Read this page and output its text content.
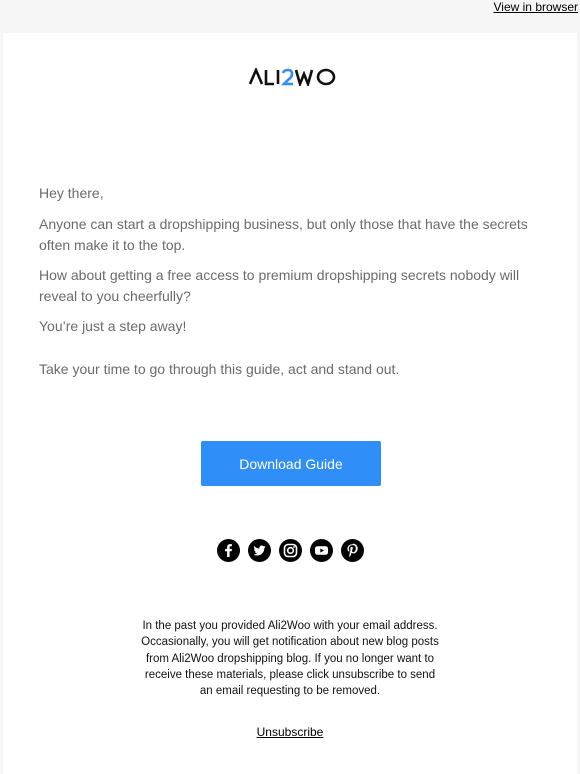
View in browser

Hey there,

Anyone can start a dropshipping business, but only those that have the secrets often make it to the top.

How about getting a free access to premium dropshipping secrets nobody will reveal to you cheerfully?

You’re just a step away!

Take your time to go through this guide, act and stand out.

Download Guide
In the past you provided Ali2Woo with your email address. Occasionally, you will get notification about new blog posts from Ali2Woo dropshipping blog. If you no longer want to receive these materials, please click unsubscribe to send an email requesting to be removed.
Unsubscribe
